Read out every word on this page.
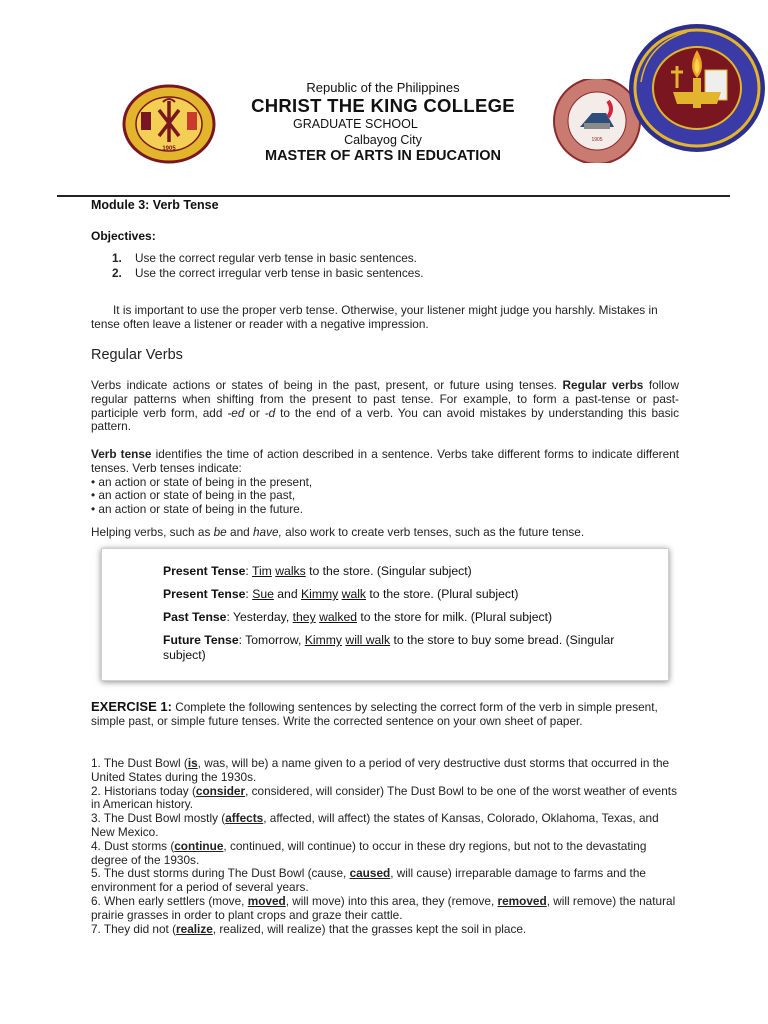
1905
1905
Republic of the Philippines
CHRIST THE KING COLLEGE
GRADUATE SCHOOL
Calbayog City
MASTER OF ARTS IN EDUCATION
Module 3: Verb Tense
Objectives:
1.	Use the correct regular verb tense in basic sentences.
2.	Use the correct irregular verb tense in basic sentences.
It is important to use the proper verb tense. Otherwise, your listener might judge you harshly. Mistakes in tense often leave a listener or reader with a negative impression.
Regular Verbs
Verbs indicate actions or states of being in the past, present, or future using tenses. Regular verbs follow regular patterns when shifting from the present to past tense. For example, to form a past-tense or past-participle verb form, add -ed or -d to the end of a verb. You can avoid mistakes by understanding this basic pattern.
Verb tense identifies the time of action described in a sentence. Verbs take different forms to indicate different tenses. Verb tenses indicate:
• an action or state of being in the present,
• an action or state of being in the past,
• an action or state of being in the future.
Helping verbs, such as be and have, also work to create verb tenses, such as the future tense.
Present Tense: Tim walks to the store. (Singular subject)
Present Tense: Sue and Kimmy walk to the store. (Plural subject)
Past Tense: Yesterday, they walked to the store for milk. (Plural subject)
Future Tense: Tomorrow, Kimmy will walk to the store to buy some bread. (Singular subject)
EXERCISE 1: Complete the following sentences by selecting the correct form of the verb in simple present, simple past, or simple future tenses. Write the corrected sentence on your own sheet of paper.

1. The Dust Bowl (is, was, will be) a name given to a period of very destructive dust storms that occurred in the United States during the 1930s.

2. Historians today (consider, considered, will consider) The Dust Bowl to be one of the worst weather of events in American history.

3. The Dust Bowl mostly (affects, affected, will affect) the states of Kansas, Colorado, Oklahoma, Texas, and New Mexico.

4. Dust storms (continue, continued, will continue) to occur in these dry regions, but not to the devastating degree of the 1930s.

5. The dust storms during The Dust Bowl (cause, caused, will cause) irreparable damage to farms and the environment for a period of several years.

6. When early settlers (move, moved, will move) into this area, they (remove, removed, will remove) the natural prairie grasses in order to plant crops and graze their cattle.

7. They did not (realize, realized, will realize) that the grasses kept the soil in place.
